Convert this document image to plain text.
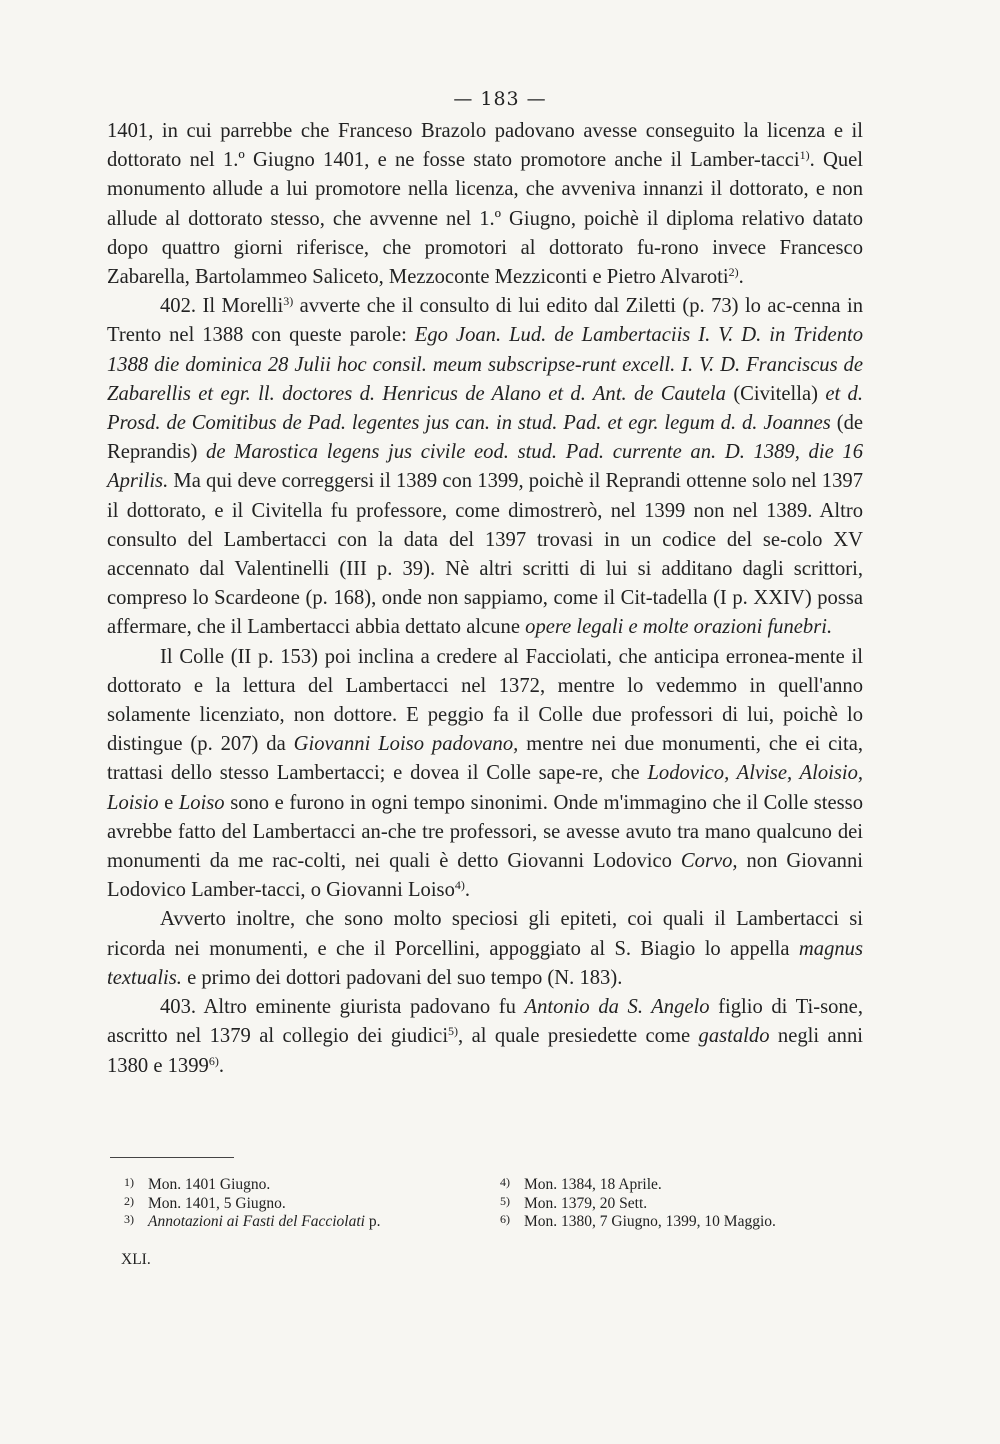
— 183 —

1401, in cui parrebbe che Franceso Brazolo padovano avesse conseguito la licenza e il dottorato nel 1.º Giugno 1401, e ne fosse stato promotore anche il Lamber-tacci$^{1)}$. Quel monumento allude a lui promotore nella licenza, che avveniva innanzi il dottorato, e non allude al dottorato stesso, che avvenne nel 1.º Giugno, poichè il diploma relativo datato dopo quattro giorni riferisce, che promotori al dottorato fu-rono invece Francesco Zabarella, Bartolammeo Saliceto, Mezzoconte Mezziconti e Pietro Alvaroti$^{2)}$.

402. Il Morelli$^{3)}$ avverte che il consulto di lui edito dal Ziletti (p. 73) lo ac-cenna in Trento nel 1388 con queste parole: Ego Joan. Lud. de Lambertaciis I. V. D. in Tridento 1388 die dominica 28 Julii hoc consil. meum subscripse-runt excell. I. V. D. Franciscus de Zabarellis et egr. ll. doctores d. Henricus de Alano et d. Ant. de Cautela (Civitella) et d. Prosd. de Comitibus de Pad. legentes jus can. in stud. Pad. et egr. legum d. d. Joannes (de Reprandis) de Marostica legens jus civile eod. stud. Pad. currente an. D. 1389, die 16 Aprilis. Ma qui deve correggersi il 1389 con 1399, poichè il Reprandi ottenne solo nel 1397 il dottorato, e il Civitella fu professore, come dimostrerò, nel 1399 non nel 1389. Altro consulto del Lambertacci con la data del 1397 trovasi in un codice del se-colo XV accennato dal Valentinelli (III p. 39). Nè altri scritti di lui si additano dagli scrittori, compreso lo Scardeone (p. 168), onde non sappiamo, come il Cit-tadella (I p. XXIV) possa affermare, che il Lambertacci abbia dettato alcune opere legali e molte orazioni funebri.

Il Colle (II p. 153) poi inclina a credere al Facciolati, che anticipa erronea-mente il dottorato e la lettura del Lambertacci nel 1372, mentre lo vedemmo in quell'anno solamente licenziato, non dottore. E peggio fa il Colle due professori di lui, poichè lo distingue (p. 207) da Giovanni Loiso padovano, mentre nei due monumenti, che ei cita, trattasi dello stesso Lambertacci; e dovea il Colle sape-re, che Lodovico, Alvise, Aloisio, Loisio e Loiso sono e furono in ogni tempo sinonimi. Onde m'immagino che il Colle stesso avrebbe fatto del Lambertacci an-che tre professori, se avesse avuto tra mano qualcuno dei monumenti da me rac-colti, nei quali è detto Giovanni Lodovico Corvo, non Giovanni Lodovico Lamber-tacci, o Giovanni Loiso$^{4)}$.

Avverto inoltre, che sono molto speciosi gli epiteti, coi quali il Lambertacci si ricorda nei monumenti, e che il Porcellini, appoggiato al S. Biagio lo appella magnus textualis. e primo dei dottori padovani del suo tempo (N. 183).

403. Altro eminente giurista padovano fu Antonio da S. Angelo figlio di Ti-sone, ascritto nel 1379 al collegio dei giudici$^{5)}$, al quale presiedette come gastaldo negli anni 1380 e 1399$^{6)}$.

1) Mon. 1401 Giugno.
2) Mon. 1401, 5 Giugno.
3) Annotazioni ai Fasti del Facciolati p.
XLI.
4) Mon. 1384, 18 Aprile.
5) Mon. 1379, 20 Sett.
6) Mon. 1380, 7 Giugno, 1399, 10 Maggio.
